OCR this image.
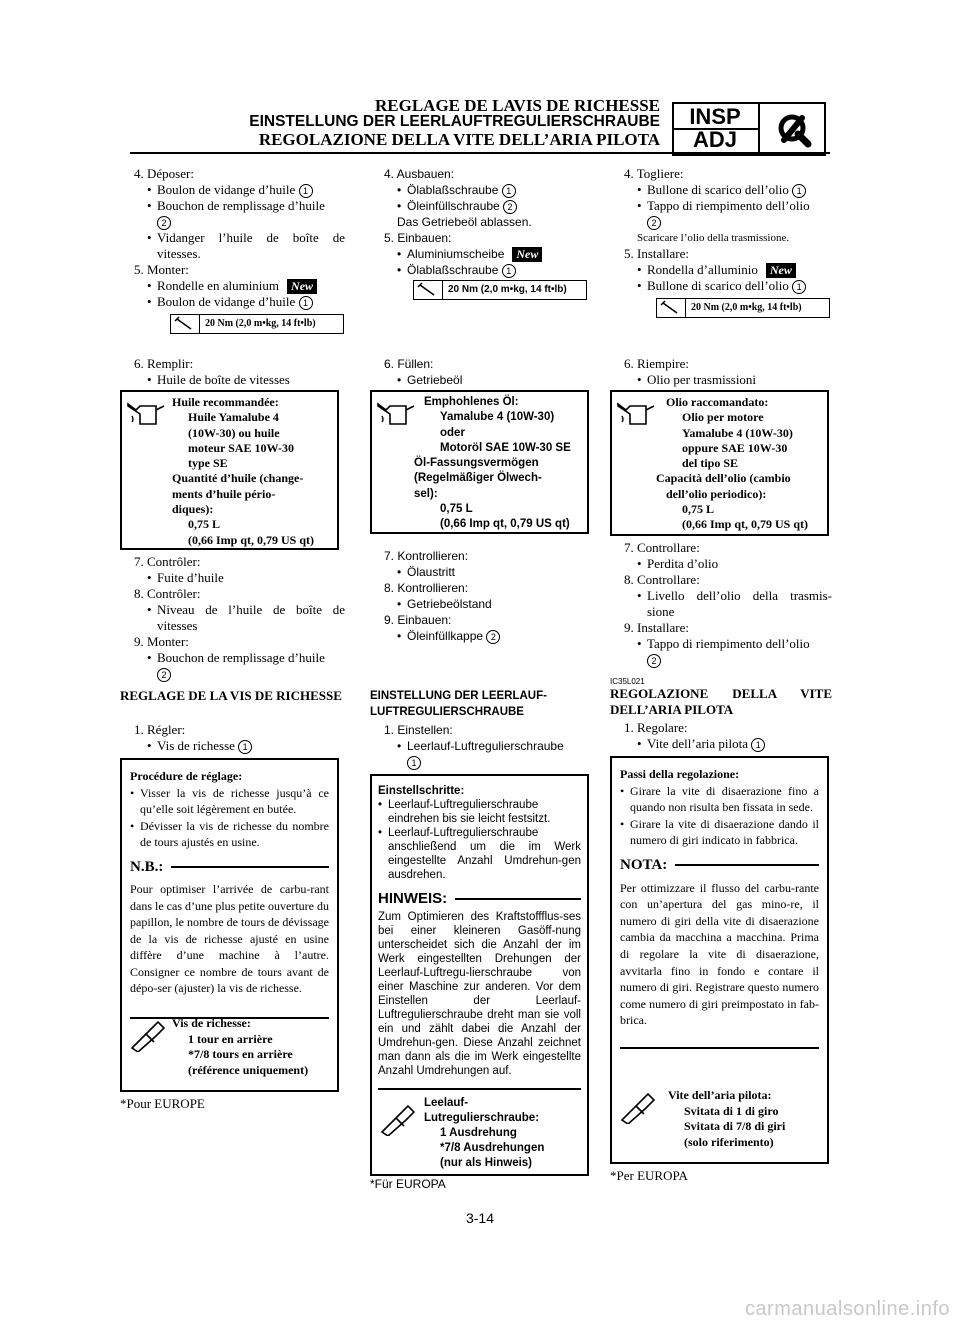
REGLAGE DE LAVIS DE RICHESSE
EINSTELLUNG DER LEERLAUFTREGULIERSCHRAUBE
REGOLAZIONE DELLA VITE DELL’ARIA PILOTA
INSP
ADJ
4. Déposer:
• Boulon de vidange d’huile 1
• Bouchon de remplissage d’huile
2
• Vidanger l’huile de boîte de vitesses.
5. Monter:
• Rondelle en aluminium New
• Boulon de vidange d’huile 1
20 Nm (2,0 m•kg, 14 ft•lb)
6. Remplir:
• Huile de boîte de vitesses
Huile recommandée:
Huile Yamalube 4
(10W-30) ou huile
moteur SAE 10W-30
type SE
Quantité d’huile (change-
ments d’huile pério-
diques):
0,75 L
(0,66 Imp qt, 0,79 US qt)
7. Contrôler:
• Fuite d’huile
8. Contrôler:
• Niveau de l’huile de boîte de vitesses
9. Monter:
• Bouchon de remplissage d’huile
2
REGLAGE DE LA VIS DE RICHESSE
1. Régler:
• Vis de richesse 1
Procédure de réglage:
• Visser la vis de richesse jusqu’à ce qu’elle soit légèrement en butée.
• Dévisser la vis de richesse du nombre de tours ajustés en usine.
N.B.:
Pour optimiser l’arrivée de carbu-rant dans le cas d’une plus petite ouverture du papillon, le nombre de tours de dévissage de la vis de richesse ajusté en usine diffère d’une machine à l’autre. Consigner ce nombre de tours avant de dépo-ser (ajuster) la vis de richesse.
Vis de richesse:
1 tour en arrière
*7/8 tours en arrière
(référence uniquement)
*Pour EUROPE
4. Ausbauen:
• Ölablaßschraube 1
• Öleinfüllschraube 2
Das Getriebeöl ablassen.
5. Einbauen:
• Aluminiumscheibe New
• Ölablaßschraube 1
20 Nm (2,0 m•kg, 14 ft•lb)
6. Füllen:
• Getriebeöl
Emphohlenes Öl:
Yamalube 4 (10W-30)
oder
Motoröl SAE 10W-30 SE
Öl-Fassungsvermögen
(Regelmäßiger Ölwech-
sel):
0,75 L
(0,66 Imp qt, 0,79 US qt)
7. Kontrollieren:
• Ölaustritt
8. Kontrollieren:
• Getriebeölstand
9. Einbauen:
• Öleinfüllkappe 2
EINSTELLUNG DER LEERLAUF-LUFTREGULIERSCHRAUBE
1. Einstellen:
• Leerlauf-Luftregulierschraube
1
Einstellschritte:
• Leerlauf-Luftregulierschraube eindrehen bis sie leicht festsitzt.
• Leerlauf-Luftregulierschraube anschließend um die im Werk eingestellte Anzahl Umdrehun-gen ausdrehen.
HINWEIS:
Zum Optimieren des Kraftstoffflus-ses bei einer kleineren Gasöff-nung unterscheidet sich die Anzahl der im Werk eingestellten Drehungen der Leerlauf-Luftregu-lierschraube von einer Maschine zur anderen. Vor dem Einstellen der Leerlauf-Luftregulierschraube dreht man sie voll ein und zählt dabei die Anzahl der Umdrehun-gen. Diese Anzahl zeichnet man dann als die im Werk eingestellte Anzahl Umdrehungen auf.
Leelauf-
Lutregulierschraube:
1 Ausdrehung
*7/8 Ausdrehungen
(nur als Hinweis)
*Für EUROPA
4. Togliere:
• Bullone di scarico dell’olio 1
• Tappo di riempimento dell’olio
2
Scaricare l’olio della trasmissione.
5. Installare:
• Rondella d’alluminio New
• Bullone di scarico dell’olio 1
20 Nm (2,0 m•kg, 14 ft•lb)
6. Riempire:
• Olio per trasmissioni
Olio raccomandato:
Olio per motore
Yamalube 4 (10W-30)
oppure SAE 10W-30
del tipo SE
Capacità dell’olio (cambio
dell’olio periodico):
0,75 L
(0,66 Imp qt, 0,79 US qt)
7. Controllare:
• Perdita d’olio
8. Controllare:
• Livello dell’olio della trasmis-sione
9. Installare:
• Tappo di riempimento dell’olio
2
IC35L021
REGOLAZIONE DELLA VITE DELL’ARIA PILOTA
1. Regolare:
• Vite dell’aria pilota 1
Passi della regolazione:
• Girare la vite di disaerazione fino a quando non risulta ben fissata in sede.
• Girare la vite di disaerazione dando il numero di giri indicato in fabbrica.
NOTA:
Per ottimizzare il flusso del carbu-rante con un’apertura del gas mino-re, il numero di giri della vite di disaerazione cambia da macchina a macchina. Prima di regolare la vite di disaerazione, avvitarla fino in fondo e contare il numero di giri. Registrare questo numero come numero di giri preimpostato in fab-brica.
Vite dell’aria pilota:
Svitata di 1 di giro
Svitata di 7/8 di giri
(solo riferimento)
*Per EUROPA
3-14
carmanualsonline.info
